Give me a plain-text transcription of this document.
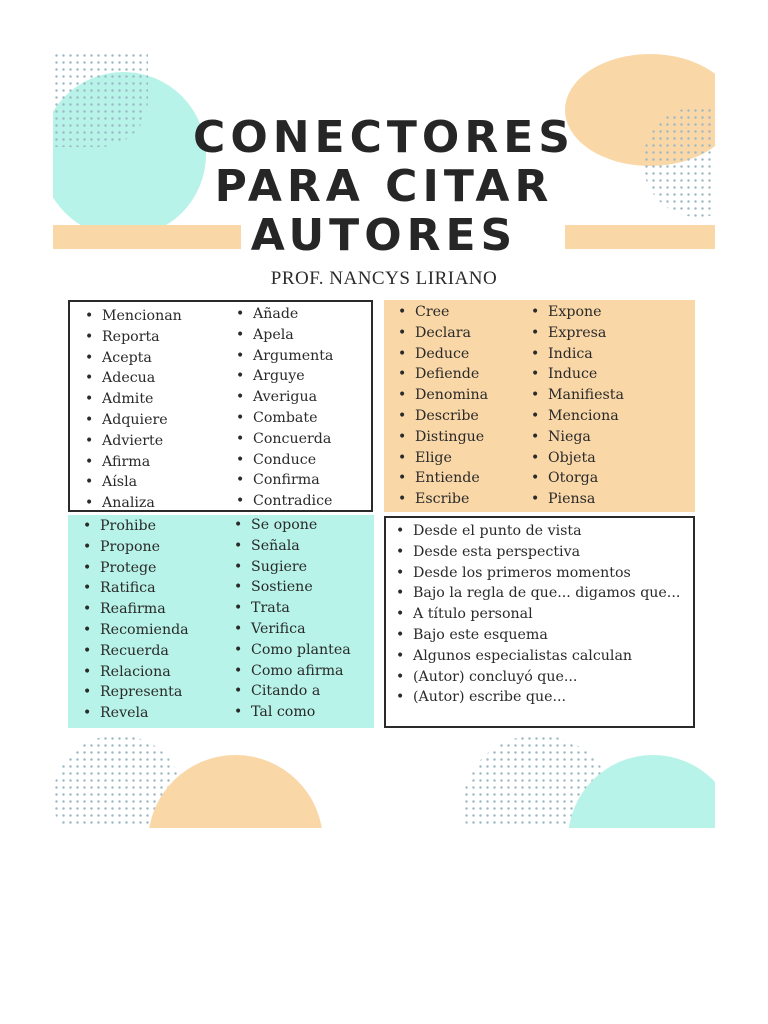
CONECTORES
PARA CITAR
AUTORES
PROF. NANCYS LIRIANO
• Mencionan
• Reporta
• Acepta
• Adecua
• Admite
• Adquiere
• Advierte
• Afirma
• Aísla
• Analiza
• Añade
• Apela
• Argumenta
• Arguye
• Averigua
• Combate
• Concuerda
• Conduce
• Confirma
• Contradice
• Cree
• Declara
• Deduce
• Defiende
• Denomina
• Describe
• Distingue
• Elige
• Entiende
• Escribe
• Expone
• Expresa
• Indica
• Induce
• Manifiesta
• Menciona
• Niega
• Objeta
• Otorga
• Piensa
• Prohibe
• Propone
• Protege
• Ratifica
• Reafirma
• Recomienda
• Recuerda
• Relaciona
• Representa
• Revela
• Se opone
• Señala
• Sugiere
• Sostiene
• Trata
• Verifica
• Como plantea
• Como afirma
• Citando a
• Tal como
• Desde el punto de vista
• Desde esta perspectiva
• Desde los primeros momentos
• Bajo la regla de que... digamos que...
• A título personal
• Bajo este esquema
• Algunos especialistas calculan
• (Autor) concluyó que...
• (Autor) escribe que...
